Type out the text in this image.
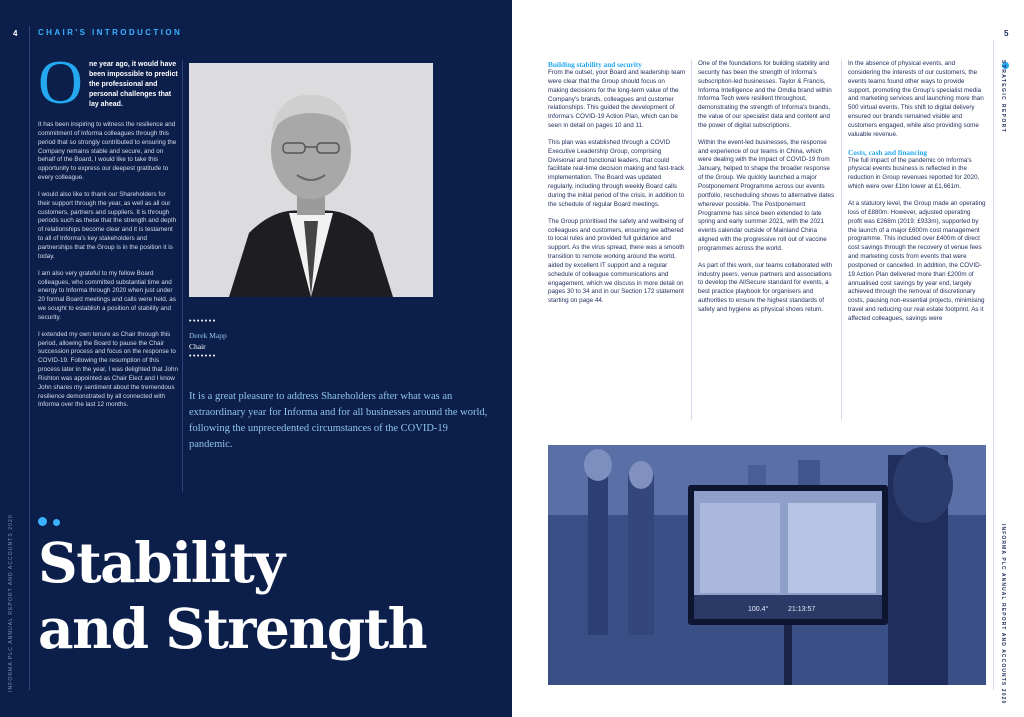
4	CHAIR'S INTRODUCTION
O ne year ago, it would have been impossible to predict the professional and personal challenges that lay ahead.

It has been inspiring to witness the resilience and commitment of Informa colleagues through this period that so strongly contributed to ensuring the Company remains stable and secure, and on behalf of the Board, I would like to take this opportunity to express our deepest gratitude to every colleague.

I would also like to thank our Shareholders for their support through the year, as well as all our customers, partners and suppliers. It is through periods such as these that the strength and depth of relationships become clear and it is testament to all of Informa's key stakeholders and partnerships that the Group is in the position it is today.

I am also very grateful to my fellow Board colleagues, who committed substantial time and energy to Informa through 2020 when just under 20 formal Board meetings and calls were held, as we sought to establish a position of stability and security.

I extended my own tenure as Chair through this period, allowing the Board to pause the Chair succession process and focus on the response to COVID-19. Following the resumption of this process later in the year, I was delighted that John Rishton was appointed as Chair Elect and I know John shares my sentiment about the tremendous resilience demonstrated by all connected with Informa over the last 12 months.

•••••••
Derek Mapp
Chair
•••••••
It is a great pleasure to address Shareholders after what was an extraordinary year for Informa and for all businesses around the world, following the unprecedented circumstances of the COVID-19 pandemic.

Stability
and Strength
INFORMA PLC ANNUAL REPORT AND ACCOUNTS 2020
5
STRATEGIC REPORT
INFORMA PLC ANNUAL REPORT AND ACCOUNTS 2020
Building stability and security

From the outset, your Board and leadership team were clear that the Group should focus on making decisions for the long-term value of the Company's brands, colleagues and customer relationships. This guided the development of Informa's COVID-19 Action Plan, which can be seen in detail on pages 10 and 11.

This plan was established through a COVID Executive Leadership Group, comprising Divisional and functional leaders, that could facilitate real-time decision making and fast-track implementation. The Board was updated regularly, including through weekly Board calls during the initial period of the crisis, in addition to the schedule of regular Board meetings.

The Group prioritised the safety and wellbeing of colleagues and customers, ensuring we adhered to local rules and provided full guidance and support. As the virus spread, there was a smooth transition to remote working around the world, aided by excellent IT support and a regular schedule of colleague communications and engagement, which we discuss in more detail on pages 30 to 34 and in our Section 172 statement starting on page 44.

One of the foundations for building stability and security has been the strength of Informa's subscription-led businesses. Taylor & Francis, Informa Intelligence and the Omdia brand within Informa Tech were resilient throughout, demonstrating the strength of Informa's brands, the value of our specialist data and content and the power of digital subscriptions.

Within the event-led businesses, the response and experience of our teams in China, which were dealing with the impact of COVID-19 from January, helped to shape the broader response of the Group. We quickly launched a major Postponement Programme across our events portfolio, rescheduling shows to alternative dates wherever possible. The Postponement Programme has since been extended to late spring and early summer 2021, with the 2021 events calendar outside of Mainland China aligned with the progressive roll out of vaccine programmes across the world.

As part of this work, our teams collaborated with industry peers, venue partners and associations to develop the AllSecure standard for events, a best practice playbook for organisers and authorities to ensure the highest standards of safety and hygiene as physical shows return.

In the absence of physical events, and considering the interests of our customers, the events teams found other ways to provide support, promoting the Group's specialist media and marketing services and launching more than 500 virtual events. This shift to digital delivery ensured our brands remained visible and customers engaged, while also providing some valuable revenue.

Costs, cash and financing

The full impact of the pandemic on Informa's physical events business is reflected in the reduction in Group revenues reported for 2020, which were over £1bn lower at £1,661m.

At a statutory level, the Group made an operating loss of £880m. However, adjusted operating profit was £268m (2019: £933m), supported by the launch of a major £600m cost management programme. This included over £400m of direct cost savings through the recovery of venue fees and marketing costs from events that were postponed or cancelled. In addition, the COVID-19 Action Plan delivered more than £200m of annualised cost savings by year end, largely achieved through the removal of discretionary costs, pausing non-essential projects, minimising travel and reducing our real estate footprint. As it affected colleagues, savings were

100.4°	21:13:57
